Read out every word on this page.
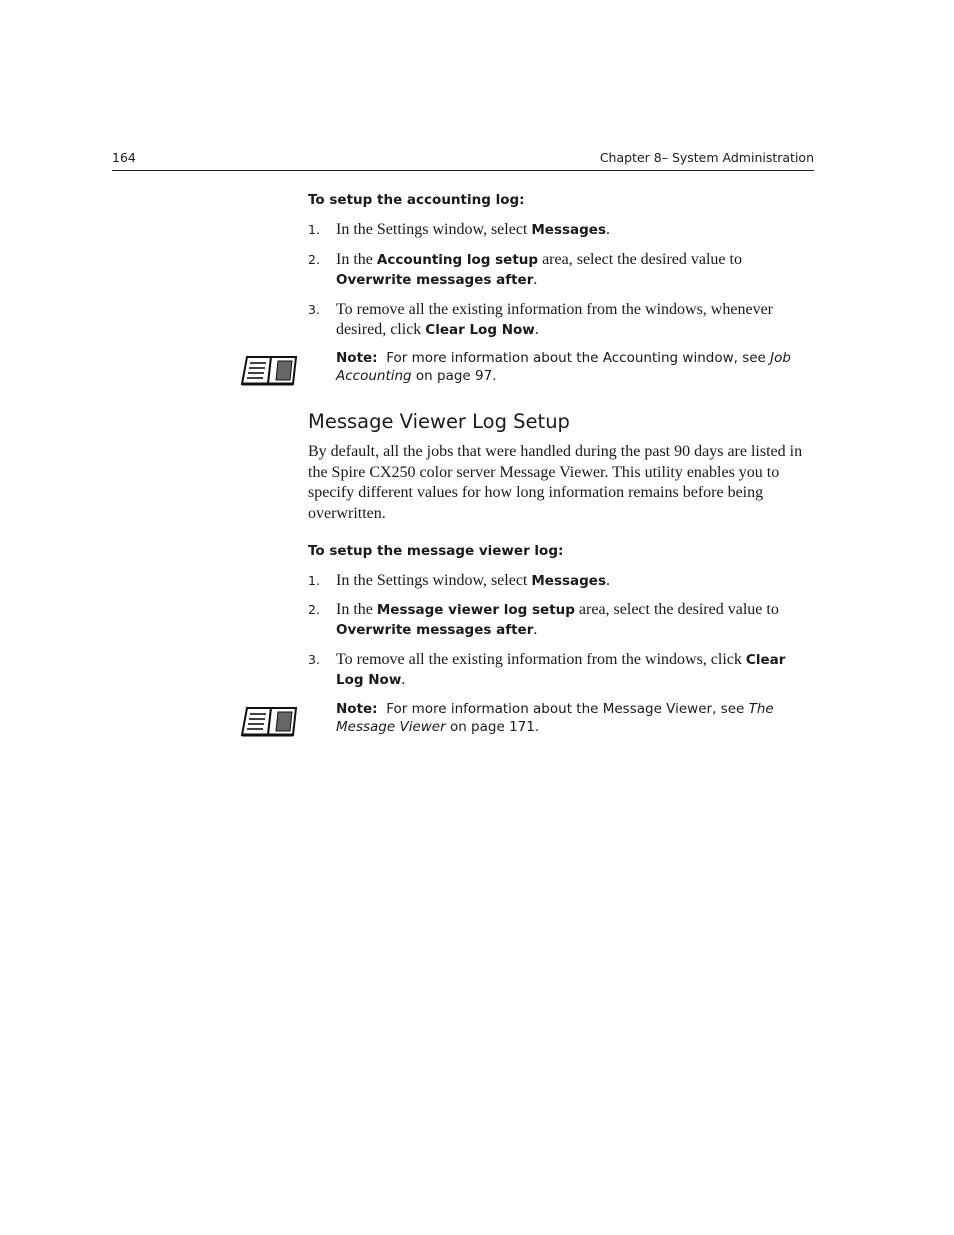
164	Chapter 8– System Administration
To setup the accounting log:
1. In the Settings window, select Messages.
2. In the Accounting log setup area, select the desired value to Overwrite messages after.
3. To remove all the existing information from the windows, whenever desired, click Clear Log Now.
Note: For more information about the Accounting window, see Job Accounting on page 97.
Message Viewer Log Setup

By default, all the jobs that were handled during the past 90 days are listed in the Spire CX250 color server Message Viewer. This utility enables you to specify different values for how long information remains before being overwritten.

To setup the message viewer log:
1. In the Settings window, select Messages.
2. In the Message viewer log setup area, select the desired value to Overwrite messages after.
3. To remove all the existing information from the windows, click Clear Log Now.
Note: For more information about the Message Viewer, see The Message Viewer on page 171.
